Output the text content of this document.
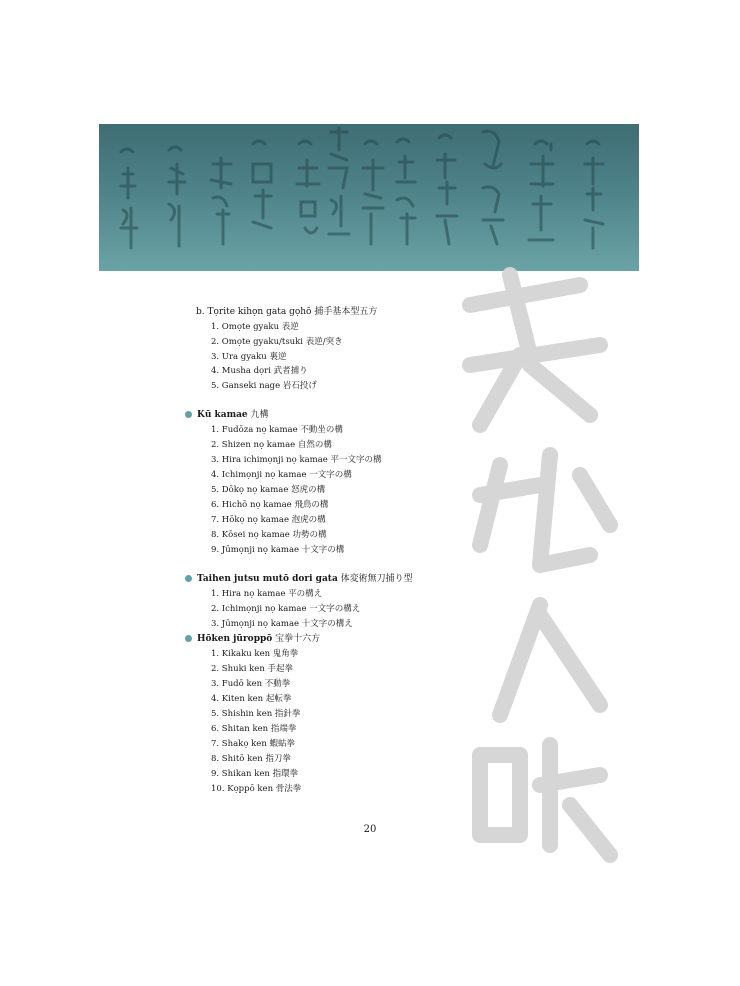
b. Tọrite kihọn gata gọhō 捕手基本型五方
1. Omọte gyaku 表逆
2. Omọte gyaku/tsuki 表逆/突き
3. Ura gyaku 裏逆
4. Musha dọri 武者捕り
5. Ganseki nage 岩石投げ
Kū kamae 九構
1. Fudōza nọ kamae 不動坐の構
2. Shizen nọ kamae 自然の構
3. Hira ichimọnji nọ kamae 平一文字の構
4. Ichimọnji nọ kamae 一文字の構
5. Dōkọ nọ kamae 怒虎の構
6. Hichō nọ kamae 飛鳥の構
7. Hōkọ nọ kamae 泡虎の構
8. Kōsei nọ kamae 功勢の構
9. Jūmọnji nọ kamae 十文字の構
Taihen jutsu mutō dori gata 体変術無刀捕り型
1. Hira nọ kamae 平の構え
2. Ichimọnji nọ kamae 一文字の構え
3. Jūmọnji nọ kamae 十文字の構え
Hōken jūroppō 宝拳十六方
1. Kikaku ken 鬼角拳
2. Shuki ken 手起拳
3. Fudō ken 不動拳
4. Kiten ken 起転拳
5. Shishin ken 指針拳
6. Shitan ken 指端拳
7. Shakọ ken 蝦蛄拳
8. Shitō ken 指刀拳
9. Shikan ken 指環拳
10. Kọppō ken 骨法拳
20
